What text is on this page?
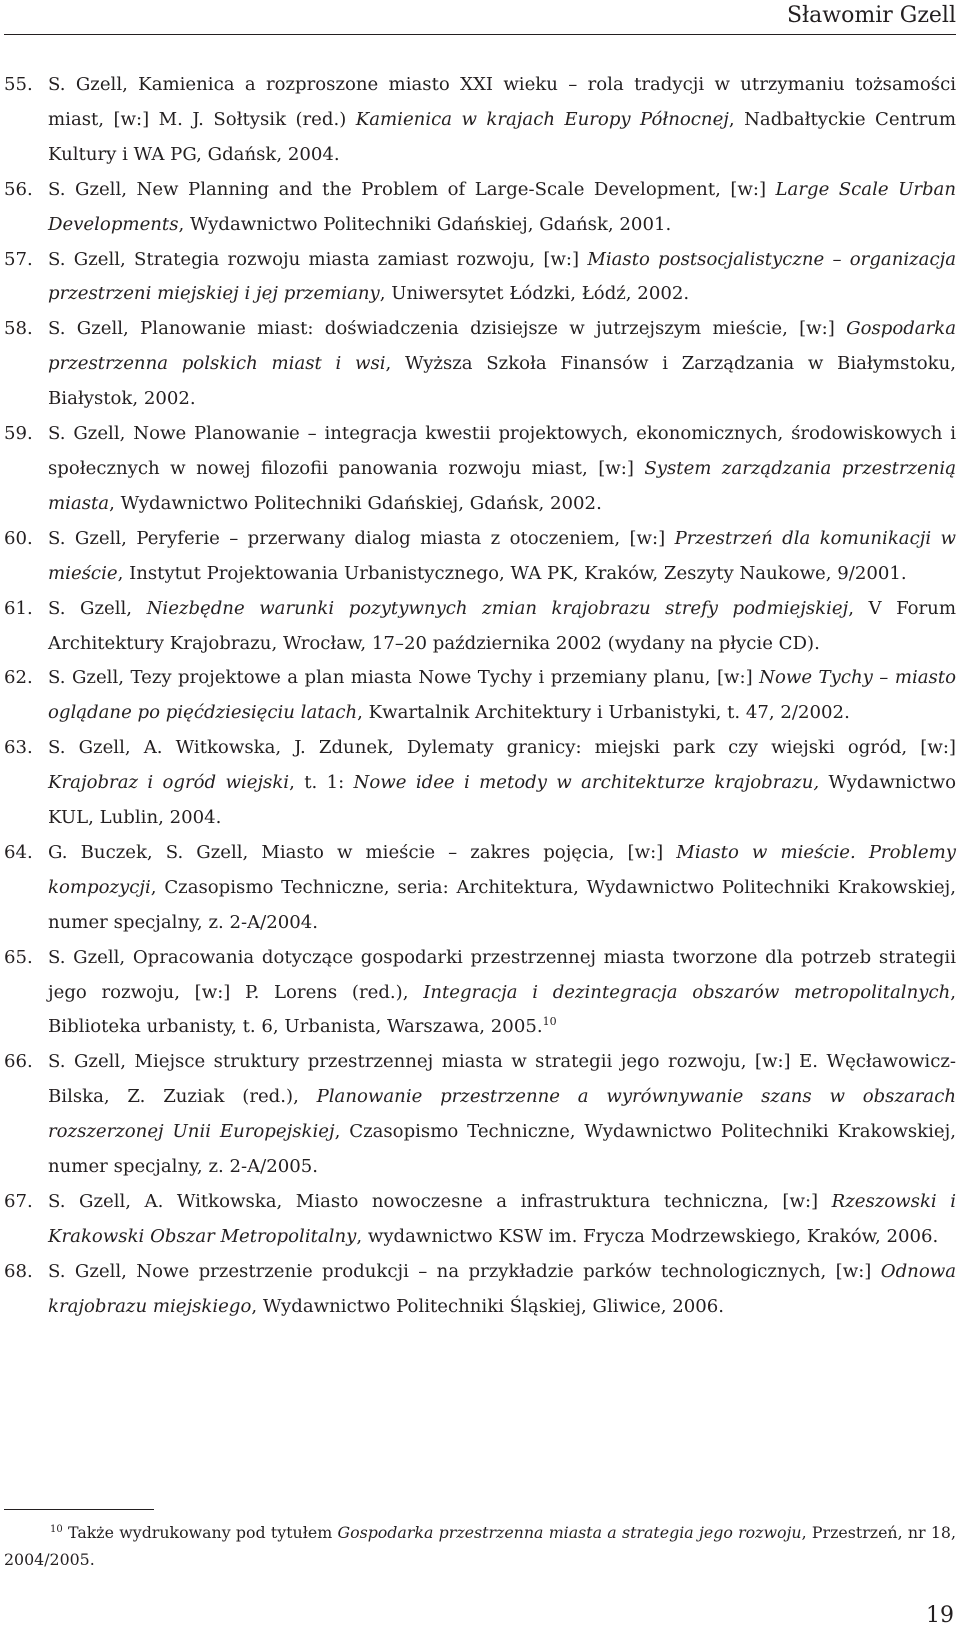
Sławomir Gzell
55. S. Gzell, Kamienica a rozproszone miasto XXI wieku – rola tradycji w utrzymaniu tożsamości miast, [w:] M. J. Sołtysik (red.) Kamienica w krajach Europy Północnej, Nadbałtyckie Centrum Kultury i WA PG, Gdańsk, 2004.
56. S. Gzell, New Planning and the Problem of Large-Scale Development, [w:] Large Scale Urban Developments, Wydawnictwo Politechniki Gdańskiej, Gdańsk, 2001.
57. S. Gzell, Strategia rozwoju miasta zamiast rozwoju, [w:] Miasto postsocjalistyczne – organizacja przestrzeni miejskiej i jej przemiany, Uniwersytet Łódzki, Łódź, 2002.
58. S. Gzell, Planowanie miast: doświadczenia dzisiejsze w jutrzejszym mieście, [w:] Gospodarka przestrzenna polskich miast i wsi, Wyższa Szkoła Finansów i Zarządzania w Białymstoku, Białystok, 2002.
59. S. Gzell, Nowe Planowanie – integracja kwestii projektowych, ekonomicznych, środowiskowych i społecznych w nowej filozofii panowania rozwoju miast, [w:] System zarządzania przestrzenią miasta, Wydawnictwo Politechniki Gdańskiej, Gdańsk, 2002.
60. S. Gzell, Peryferie – przerwany dialog miasta z otoczeniem, [w:] Przestrzeń dla komunikacji w mieście, Instytut Projektowania Urbanistycznego, WA PK, Kraków, Zeszyty Naukowe, 9/2001.
61. S. Gzell, Niezbędne warunki pozytywnych zmian krajobrazu strefy podmiejskiej, V Forum Architektury Krajobrazu, Wrocław, 17–20 października 2002 (wydany na płycie CD).
62. S. Gzell, Tezy projektowe a plan miasta Nowe Tychy i przemiany planu, [w:] Nowe Tychy – miasto oglądane po pięćdziesięciu latach, Kwartalnik Architektury i Urbanistyki, t. 47, 2/2002.
63. S. Gzell, A. Witkowska, J. Zdunek, Dylematy granicy: miejski park czy wiejski ogród, [w:] Krajobraz i ogród wiejski, t. 1: Nowe idee i metody w architekturze krajobrazu, Wydawnictwo KUL, Lublin, 2004.
64. G. Buczek, S. Gzell, Miasto w mieście – zakres pojęcia, [w:] Miasto w mieście. Problemy kompozycji, Czasopismo Techniczne, seria: Architektura, Wydawnictwo Politechniki Krakowskiej, numer specjalny, z. 2-A/2004.
65. S. Gzell, Opracowania dotyczące gospodarki przestrzennej miasta tworzone dla potrzeb strategii jego rozwoju, [w:] P. Lorens (red.), Integracja i dezintegracja obszarów metropolitalnych, Biblioteka urbanisty, t. 6, Urbanista, Warszawa, 2005.10
66. S. Gzell, Miejsce struktury przestrzennej miasta w strategii jego rozwoju, [w:] E. Węcławowicz-Bilska, Z. Zuziak (red.), Planowanie przestrzenne a wyrównywanie szans w obszarach rozszerzonej Unii Europejskiej, Czasopismo Techniczne, Wydawnictwo Politechniki Krakowskiej, numer specjalny, z. 2-A/2005.
67. S. Gzell, A. Witkowska, Miasto nowoczesne a infrastruktura techniczna, [w:] Rzeszowski i Krakowski Obszar Metropolitalny, wydawnictwo KSW im. Frycza Modrzewskiego, Kraków, 2006.
68. S. Gzell, Nowe przestrzenie produkcji – na przykładzie parków technologicznych, [w:] Odnowa krajobrazu miejskiego, Wydawnictwo Politechniki Śląskiej, Gliwice, 2006.
$^{10}$ Także wydrukowany pod tytułem Gospodarka przestrzenna miasta a strategia jego rozwoju, Przestrzeń, nr 18, 2004/2005.
19
